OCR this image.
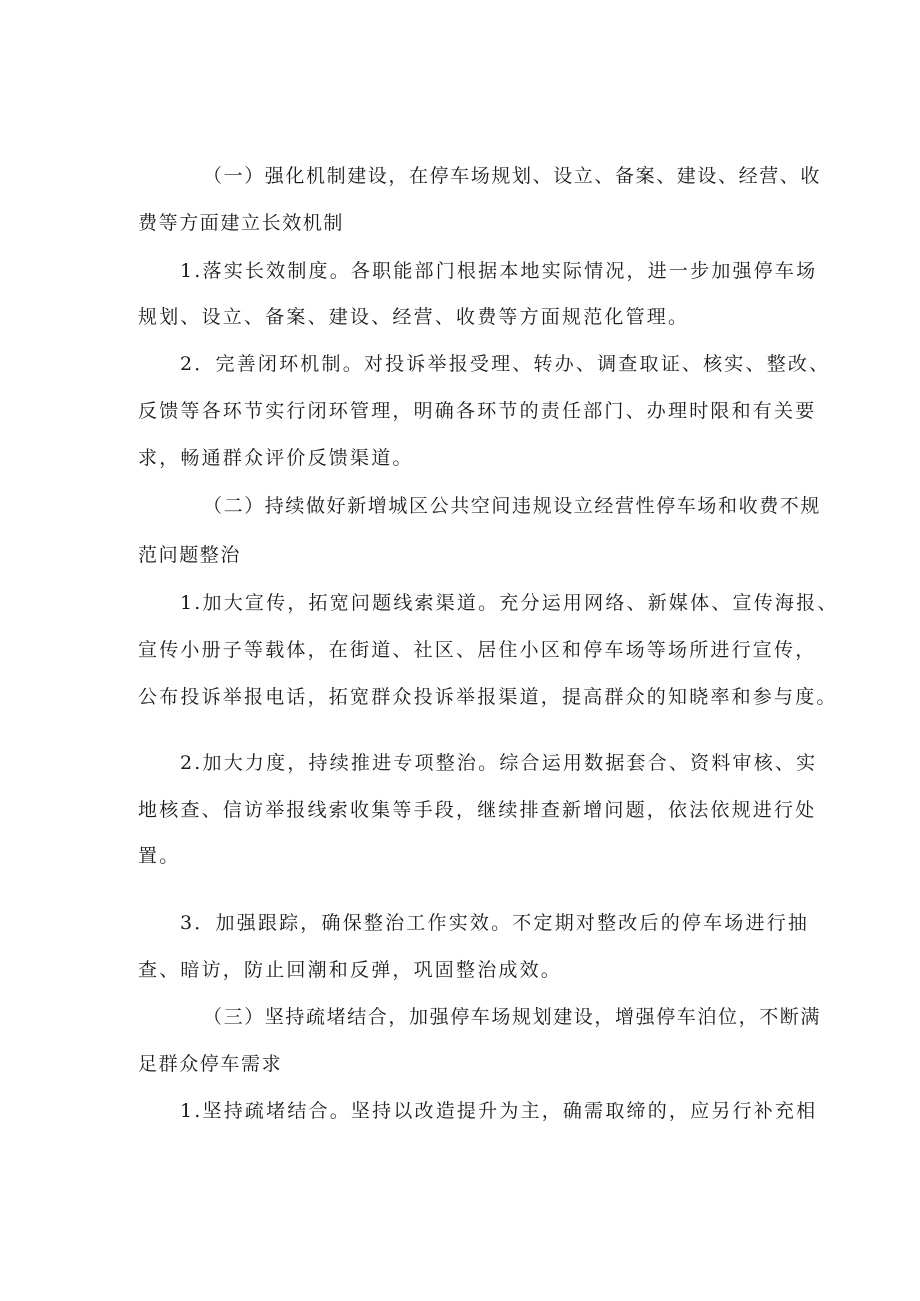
（一）强化机制建设，在停车场规划、设立、备案、建设、经营、收
费等方面建立长效机制
1.落实长效制度。各职能部门根据本地实际情况，进一步加强停车场
规划、设立、备案、建设、经营、收费等方面规范化管理。
2．完善闭环机制。对投诉举报受理、转办、调查取证、核实、整改、
反馈等各环节实行闭环管理，明确各环节的责任部门、办理时限和有关要
求，畅通群众评价反馈渠道。
（二）持续做好新增城区公共空间违规设立经营性停车场和收费不规
范问题整治
1.加大宣传，拓宽问题线索渠道。充分运用网络、新媒体、宣传海报、
宣传小册子等载体，在街道、社区、居住小区和停车场等场所进行宣传，
公布投诉举报电话，拓宽群众投诉举报渠道，提高群众的知晓率和参与度。
2.加大力度，持续推进专项整治。综合运用数据套合、资料审核、实
地核查、信访举报线索收集等手段，继续排查新增问题，依法依规进行处
置。
3．加强跟踪，确保整治工作实效。不定期对整改后的停车场进行抽
查、暗访，防止回潮和反弹，巩固整治成效。
（三）坚持疏堵结合，加强停车场规划建设，增强停车泊位，不断满
足群众停车需求
1.坚持疏堵结合。坚持以改造提升为主，确需取缔的，应另行补充相
